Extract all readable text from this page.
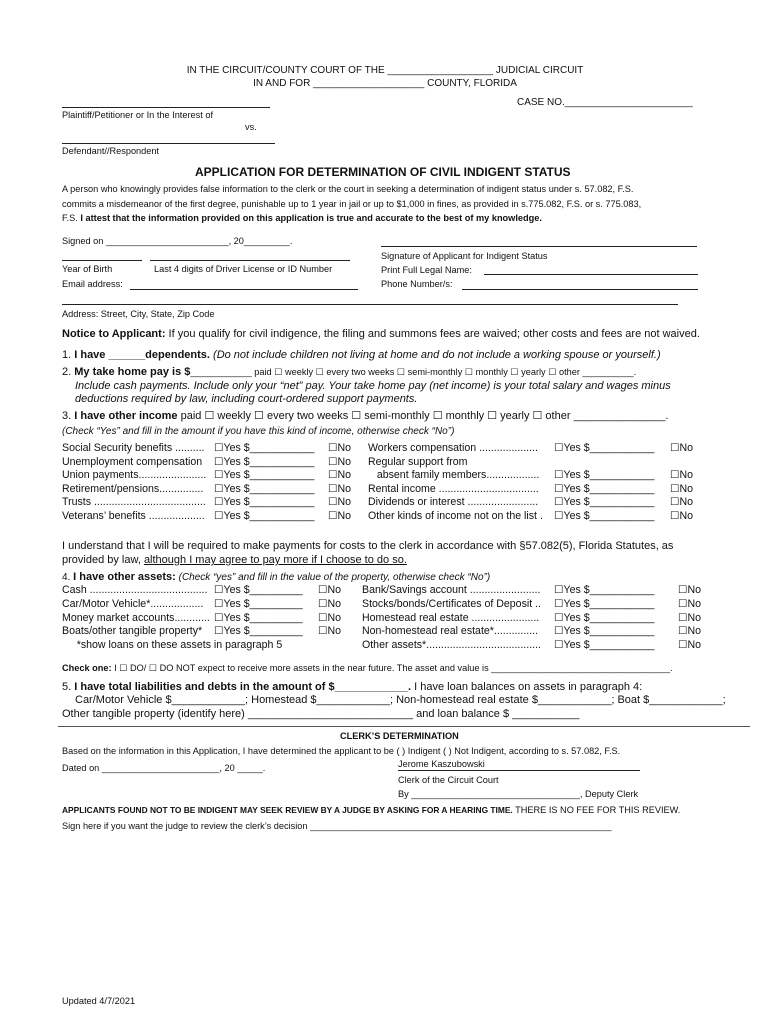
IN THE CIRCUIT/COUNTY COURT OF THE ___________________ JUDICIAL CIRCUIT
IN AND FOR ____________________ COUNTY, FLORIDA
CASE NO._______________________
Plaintiff/Petitioner or In the Interest of
vs.
Defendant//Respondent
APPLICATION FOR DETERMINATION OF CIVIL INDIGENT STATUS
A person who knowingly provides false information to the clerk or the court in seeking a determination of indigent status under s. 57.082, F.S.
commits a misdemeanor of the first degree, punishable up to 1 year in jail or up to $1,000 in fines, as provided in s.775.082, F.S. or s. 775.083,
F.S. I attest that the information provided on this application is true and accurate to the best of my knowledge.
Signed on ________________________, 20_________.
Signature of Applicant for Indigent Status
Year of Birth	Last 4 digits of Driver License or ID Number	Print Full Legal Name:
Email address:	Phone Number/s:
Address: Street, City, State, Zip Code
Notice to Applicant: If you qualify for civil indigence, the filing and summons fees are waived; other costs and fees are not waived.
1. I have ______dependents. (Do not include children not living at home and do not include a working spouse or yourself.)
2. My take home pay is $____________ paid ☐ weekly ☐ every two weeks ☐ semi-monthly ☐ monthly ☐ yearly ☐ other __________.
Include cash payments. Include only your “net” pay. Your take home pay (net income) is your total salary and wages minus
deductions required by law, including court-ordered support payments.
3. I have other income paid ☐ weekly ☐ every two weeks ☐ semi-monthly ☐ monthly ☐ yearly ☐ other _______________.
(Check “Yes” and fill in the amount if you have this kind of income, otherwise check “No”)
Social Security benefits .......... ☐Yes $___________ ☐No
Unemployment compensation ☐Yes $___________ ☐No
Union payments....................... ☐Yes $___________ ☐No
Retirement/pensions............... ☐Yes $___________ ☐No
Trusts ...................................... ☐Yes $___________ ☐No
Veterans’ benefits ................... ☐Yes $___________ ☐No
Workers compensation .................... ☐Yes $___________ ☐No
Regular support from
absent family members.................. ☐Yes $___________ ☐No
Rental income .................................. ☐Yes $___________ ☐No
Dividends or interest ........................ ☐Yes $___________ ☐No
Other kinds of income not on the list . ☐Yes $___________ ☐No
I understand that I will be required to make payments for costs to the clerk in accordance with §57.082(5), Florida Statutes, as
provided by law, although I may agree to pay more if I choose to do so.
4. I have other assets: (Check “yes” and fill in the value of the property, otherwise check “No”)
Cash ........................................ ☐Yes $_________ ☐No
Car/Motor Vehicle*.................. ☐Yes $_________ ☐No
Money market accounts............ ☐Yes $_________ ☐No
Boats/other tangible property* ☐Yes $_________ ☐No
*show loans on these assets in paragraph 5
Bank/Savings account ........................ ☐Yes $___________ ☐No
Stocks/bonds/Certificates of Deposit .. ☐Yes $___________ ☐No
Homestead real estate ....................... ☐Yes $___________ ☐No
Non-homestead real estate*............... ☐Yes $___________ ☐No
Other assets*....................................... ☐Yes $___________ ☐No
Check one: I ☐ DO/ ☐ DO NOT expect to receive more assets in the near future. The asset and value is ___________________________________.
5. I have total liabilities and debts in the amount of $____________. I have loan balances on assets in paragraph 4:
Car/Motor Vehicle $____________; Homestead $____________; Non-homestead real estate $____________; Boat $____________;
Other tangible property (identify here) ___________________________ and loan balance $ ___________
CLERK’S DETERMINATION
Based on the information in this Application, I have determined the applicant to be ( ) Indigent ( ) Not Indigent, according to s. 57.082, F.S.
Jerome Kaszubowski
Dated on _______________________, 20 _____.
Clerk of the Circuit Court
By _________________________________, Deputy Clerk
APPLICANTS FOUND NOT TO BE INDIGENT MAY SEEK REVIEW BY A JUDGE BY ASKING FOR A HEARING TIME. THERE IS NO FEE FOR THIS REVIEW.
Sign here if you want the judge to review the clerk’s decision ___________________________________________________________
Updated 4/7/2021
